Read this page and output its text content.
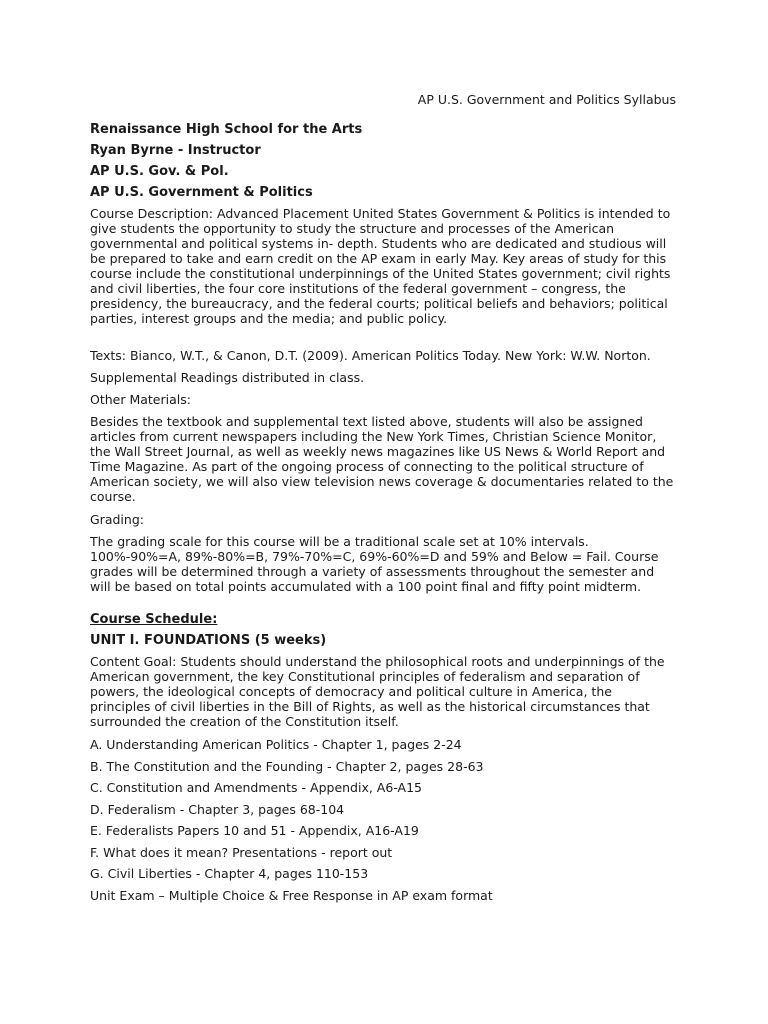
AP U.S. Government and Politics Syllabus
Renaissance High School for the Arts
Ryan Byrne - Instructor
AP U.S. Gov. & Pol.
AP U.S. Government & Politics

Course Description: Advanced Placement United States Government & Politics is intended to give students the opportunity to study the structure and processes of the American governmental and political systems in- depth. Students who are dedicated and studious will be prepared to take and earn credit on the AP exam in early May. Key areas of study for this course include the constitutional underpinnings of the United States government; civil rights and civil liberties, the four core institutions of the federal government – congress, the presidency, the bureaucracy, and the federal courts; political beliefs and behaviors; political parties, interest groups and the media; and public policy.

Texts: Bianco, W.T., & Canon, D.T. (2009). American Politics Today. New York: W.W. Norton.
Supplemental Readings distributed in class.
Other Materials:

Besides the textbook and supplemental text listed above, students will also be assigned articles from current newspapers including the New York Times, Christian Science Monitor, the Wall Street Journal, as well as weekly news magazines like US News & World Report and Time Magazine. As part of the ongoing process of connecting to the political structure of American society, we will also view television news coverage & documentaries related to the course.

Grading:

The grading scale for this course will be a traditional scale set at 10% intervals. 100%-90%=A, 89%-80%=B, 79%-70%=C, 69%-60%=D and 59% and Below = Fail. Course grades will be determined through a variety of assessments throughout the semester and will be based on total points accumulated with a 100 point final and fifty point midterm.

Course Schedule:
UNIT I. FOUNDATIONS (5 weeks)

Content Goal: Students should understand the philosophical roots and underpinnings of the American government, the key Constitutional principles of federalism and separation of powers, the ideological concepts of democracy and political culture in America, the principles of civil liberties in the Bill of Rights, as well as the historical circumstances that surrounded the creation of the Constitution itself.

A. Understanding American Politics - Chapter 1, pages 2-24
B. The Constitution and the Founding - Chapter 2, pages 28-63
C. Constitution and Amendments - Appendix, A6-A15
D. Federalism - Chapter 3, pages 68-104
E. Federalists Papers 10 and 51 - Appendix, A16-A19
F. What does it mean? Presentations - report out
G. Civil Liberties - Chapter 4, pages 110-153
Unit Exam – Multiple Choice & Free Response in AP exam format
